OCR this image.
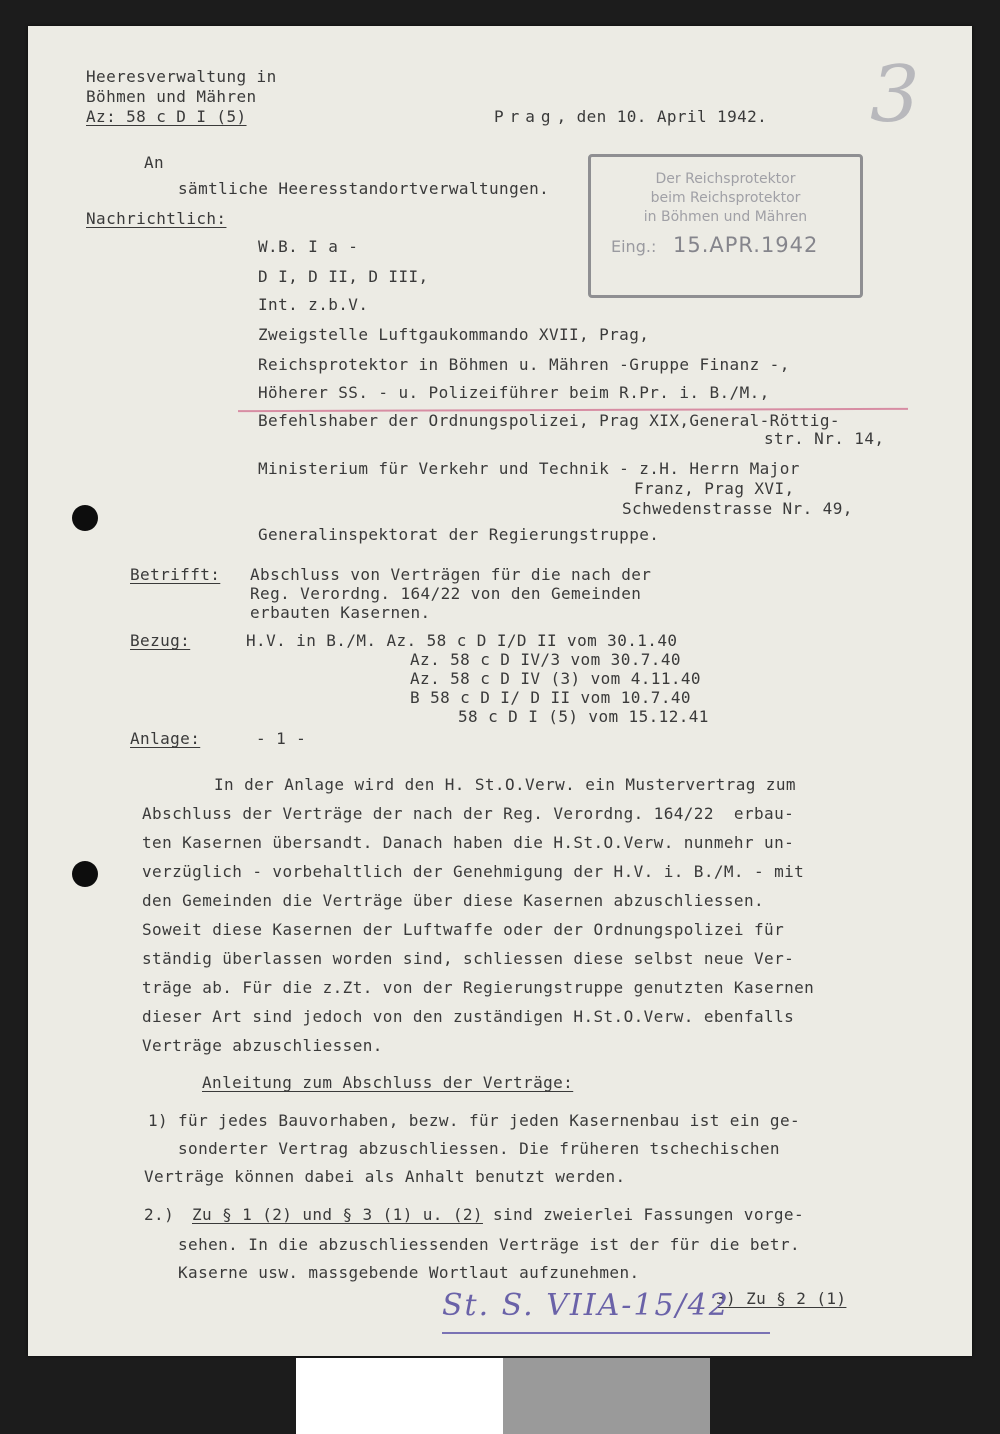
3
Heeresverwaltung in
Böhmen und Mähren
Az: 58 c D I (5)	Prag, den 10. April 1942.
Der Reichsprotektor
beim Reichsprotektor
in Böhmen und Mähren
Eing.: 15.APR.1942
An
sämtliche Heeresstandortverwaltungen.
Nachrichtlich:
W.B. I a -
D I, D II, D III,
Int. z.b.V.
Zweigstelle Luftgaukommando XVII, Prag,
Reichsprotektor in Böhmen u. Mähren -Gruppe Finanz -,
Höherer SS. - u. Polizeiführer beim R.Pr. i. B./M.,
Befehlshaber der Ordnungspolizei, Prag XIX,General-Röttig-
str. Nr. 14,
Ministerium für Verkehr und Technik - z.H. Herrn Major
Franz, Prag XVI,
Schwedenstrasse Nr. 49,
Generalinspektorat der Regierungstruppe.
Betrifft: Abschluss von Verträgen für die nach der
Reg. Verordng. 164/22 von den Gemeinden
erbauten Kasernen.
Bezug:	H.V. in B./M. Az. 58 c D I/D II vom 30.1.40
Az. 58 c D IV/3 vom 30.7.40
Az. 58 c D IV (3) vom 4.11.40
B 58 c D I/ D II vom 10.7.40
58 c D I (5) vom 15.12.41
Anlage:	- 1 -
In der Anlage wird den H. St.O.Verw. ein Mustervertrag zum
Abschluss der Verträge der nach der Reg. Verordng. 164/22  erbau-
ten Kasernen übersandt. Danach haben die H.St.O.Verw. nunmehr un-
verzüglich - vorbehaltlich der Genehmigung der H.V. i. B./M. - mit
den Gemeinden die Verträge über diese Kasernen abzuschliessen.
Soweit diese Kasernen der Luftwaffe oder der Ordnungspolizei für
ständig überlassen worden sind, schliessen diese selbst neue Ver-
träge ab. Für die z.Zt. von der Regierungstruppe genutzten Kasernen
dieser Art sind jedoch von den zuständigen H.St.O.Verw. ebenfalls
Verträge abzuschliessen.
Anleitung zum Abschluss der Verträge:
1) für jedes Bauvorhaben, bezw. für jeden Kasernenbau ist ein ge-
sonderter Vertrag abzuschliessen. Die früheren tschechischen
Verträge können dabei als Anhalt benutzt werden.
2.) Zu § 1 (2) und § 3 (1) u. (2) sind zweierlei Fassungen vorge-
sehen. In die abzuschliessenden Verträge ist der für die betr.
Kaserne usw. massgebende Wortlaut aufzunehmen.
3) Zu § 2 (1)
St. S. VIIA-15/42
